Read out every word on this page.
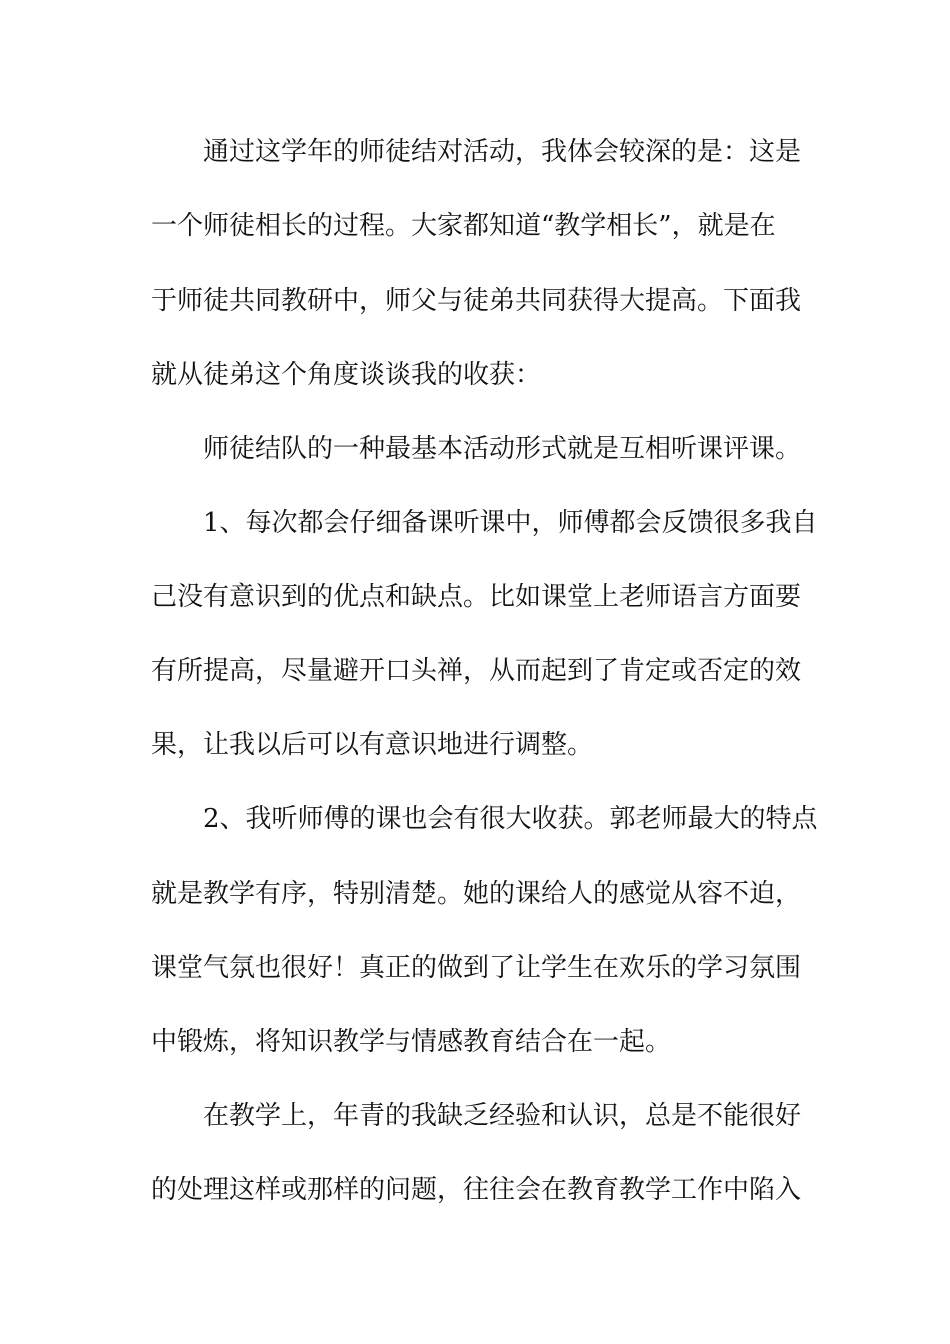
通过这学年的师徒结对活动，我体会较深的是：这是
一个师徒相长的过程。大家都知道“教学相长”，就是在
于师徒共同教研中，师父与徒弟共同获得大提高。下面我
就从徒弟这个角度谈谈我的收获：
师徒结队的一种最基本活动形式就是互相听课评课。
1、每次都会仔细备课听课中，师傅都会反馈很多我自
己没有意识到的优点和缺点。比如课堂上老师语言方面要
有所提高，尽量避开口头禅，从而起到了肯定或否定的效
果，让我以后可以有意识地进行调整。
2、我听师傅的课也会有很大收获。郭老师最大的特点
就是教学有序，特别清楚。她的课给人的感觉从容不迫，
课堂气氛也很好！真正的做到了让学生在欢乐的学习氛围
中锻炼，将知识教学与情感教育结合在一起。
在教学上，年青的我缺乏经验和认识，总是不能很好
的处理这样或那样的问题，往往会在教育教学工作中陷入
